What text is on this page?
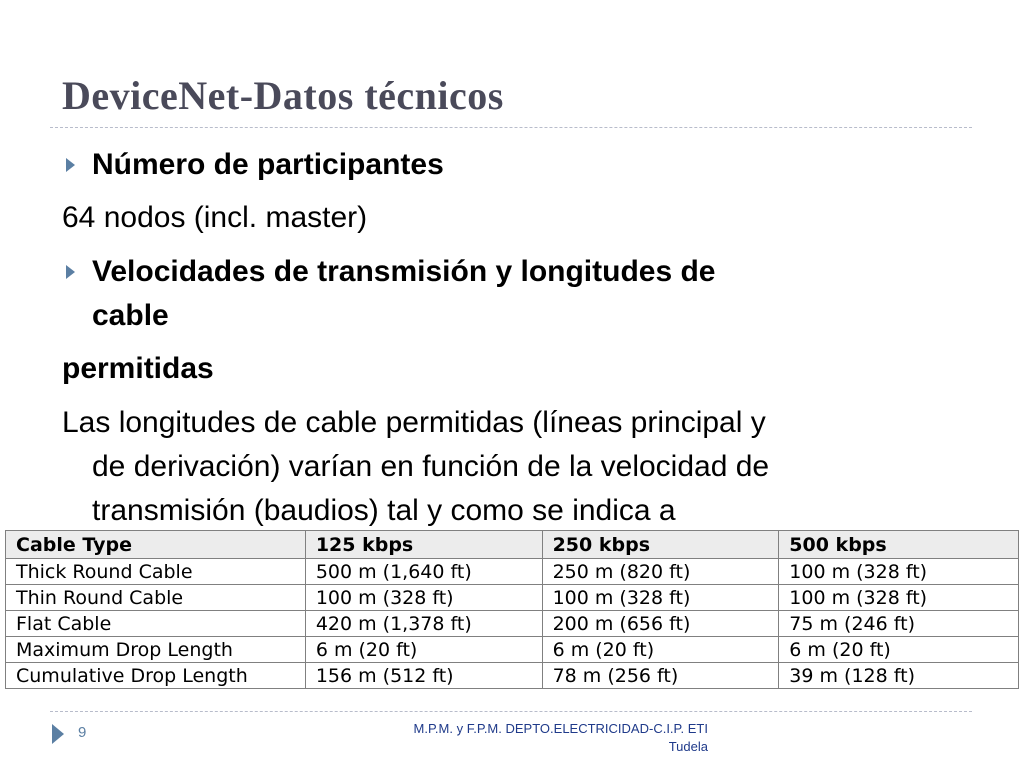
DeviceNet-Datos técnicos
Número de participantes
64 nodos (incl. master)
Velocidades de transmisión y longitudes de
cable
permitidas
Las longitudes de cable permitidas (líneas principal y
de derivación) varían en función de la velocidad de
transmisión (baudios) tal y como se indica a
Cable Type	125 kbps	250 kbps	500 kbps
Thick Round Cable	500 m (1,640 ft)	250 m (820 ft)	100 m (328 ft)
Thin Round Cable	100 m (328 ft)	100 m (328 ft)	100 m (328 ft)
Flat Cable	420 m (1,378 ft)	200 m (656 ft)	75 m (246 ft)
Maximum Drop Length	6 m (20 ft)	6 m (20 ft)	6 m (20 ft)
Cumulative Drop Length	156 m (512 ft)	78 m (256 ft)	39 m (128 ft)
9	M.P.M. y F.P.M. DEPTO.ELECTRICIDAD-C.I.P. ETI
Tudela
